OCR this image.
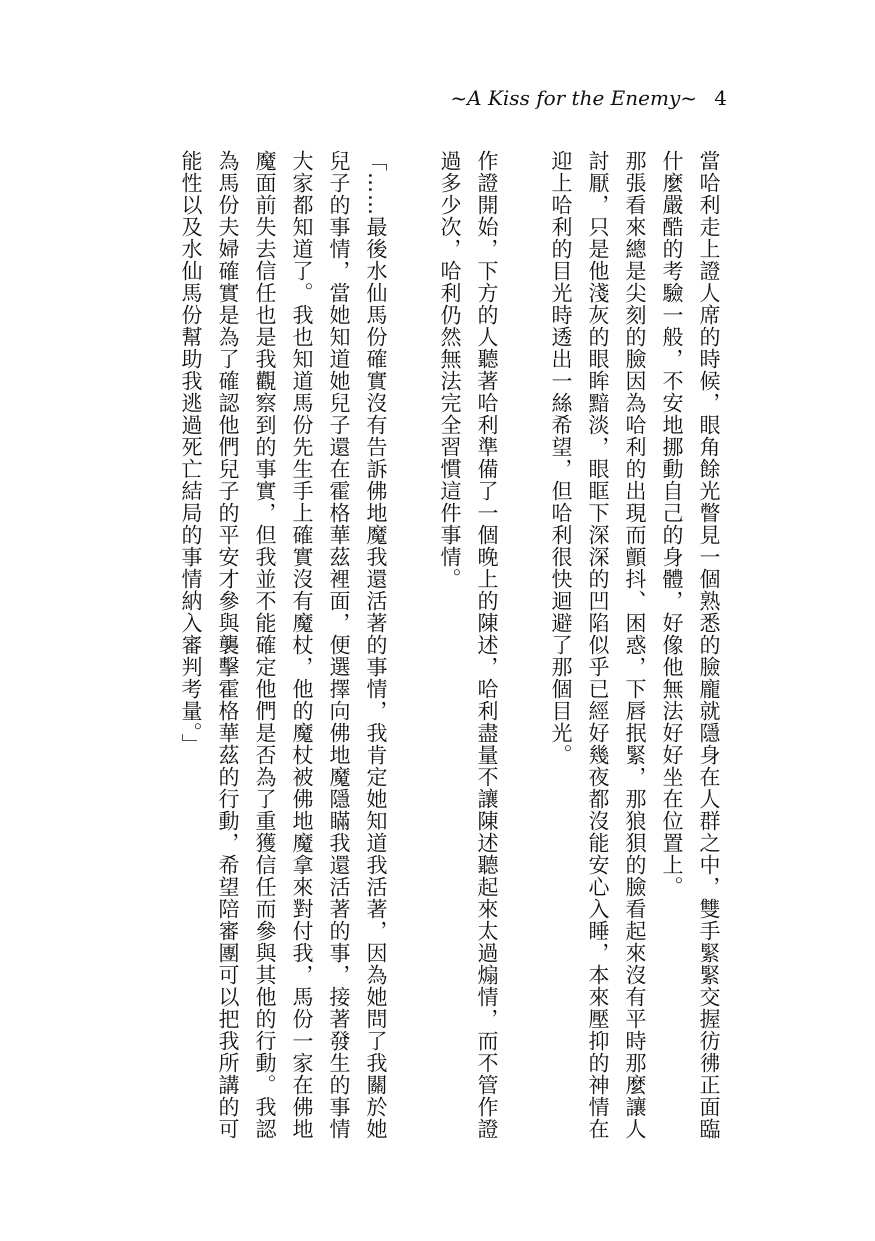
~A Kiss for the Enemy~ 4

當哈利走上證人席的時候，眼角餘光瞥見一個熟悉的臉龐就隱身在人群之中，雙手緊緊交握彷彿正面臨
什麼嚴酷的考驗一般，不安地挪動自己的身體，好像他無法好好坐在位置上。
那張看來總是尖刻的臉因為哈利的出現而顫抖、困惑，下唇抿緊，那狼狽的臉看起來沒有平時那麼讓人
討厭，只是他淺灰的眼眸黯淡，眼眶下深深的凹陷似乎已經好幾夜都沒能安心入睡，本來壓抑的神情在
迎上哈利的目光時透出一絲希望，但哈利很快迴避了那個目光。

作證開始，下方的人聽著哈利準備了一個晚上的陳述，哈利盡量不讓陳述聽起來太過煽情，而不管作證
過多少次，哈利仍然無法完全習慣這件事情。

「……最後水仙馬份確實沒有告訴佛地魔我還活著的事情，我肯定她知道我活著，因為她問了我關於她
兒子的事情，當她知道她兒子還在霍格華茲裡面，便選擇向佛地魔隱瞞我還活著的事，接著發生的事情
大家都知道了。我也知道馬份先生手上確實沒有魔杖，他的魔杖被佛地魔拿來對付我，馬份一家在佛地
魔面前失去信任也是我觀察到的事實，但我並不能確定他們是否為了重獲信任而參與其他的行動。我認
為馬份夫婦確實是為了確認他們兒子的平安才參與襲擊霍格華茲的行動，希望陪審團可以把我所講的可
能性以及水仙馬份幫助我逃過死亡結局的事情納入審判考量。」
